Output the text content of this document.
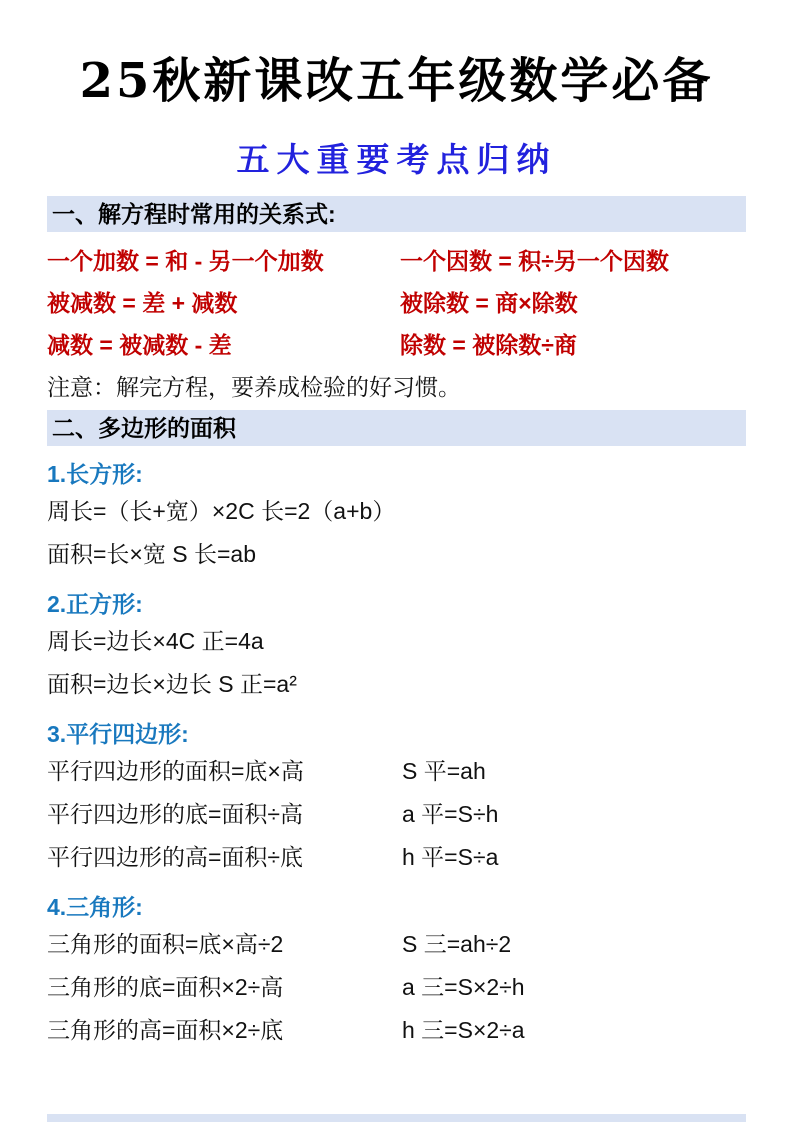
25秋新课改五年级数学必备
五大重要考点归纳
一、解方程时常用的关系式:
一个加数 = 和 - 另一个加数	一个因数 = 积÷另一个因数
被减数 = 差 + 减数	被除数 = 商×除数
减数 = 被减数 - 差	除数 = 被除数÷商

注意：解完方程，要养成检验的好习惯。

二、多边形的面积
1.长方形:

周长=（长+宽）×2C 长=2（a+b）

面积=长×宽 S 长=ab

2.正方形:

周长=边长×4C 正=4a

面积=边长×边长 S 正=a²

3.平行四边形:
平行四边形的面积=底×高	S 平=ah
平行四边形的底=面积÷高	a 平=S÷h
平行四边形的高=面积÷底	h 平=S÷a
4.三角形:
三角形的面积=底×高÷2	S 三=ah÷2
三角形的底=面积×2÷高	a 三=S×2÷h
三角形的高=面积×2÷底	h 三=S×2÷a
